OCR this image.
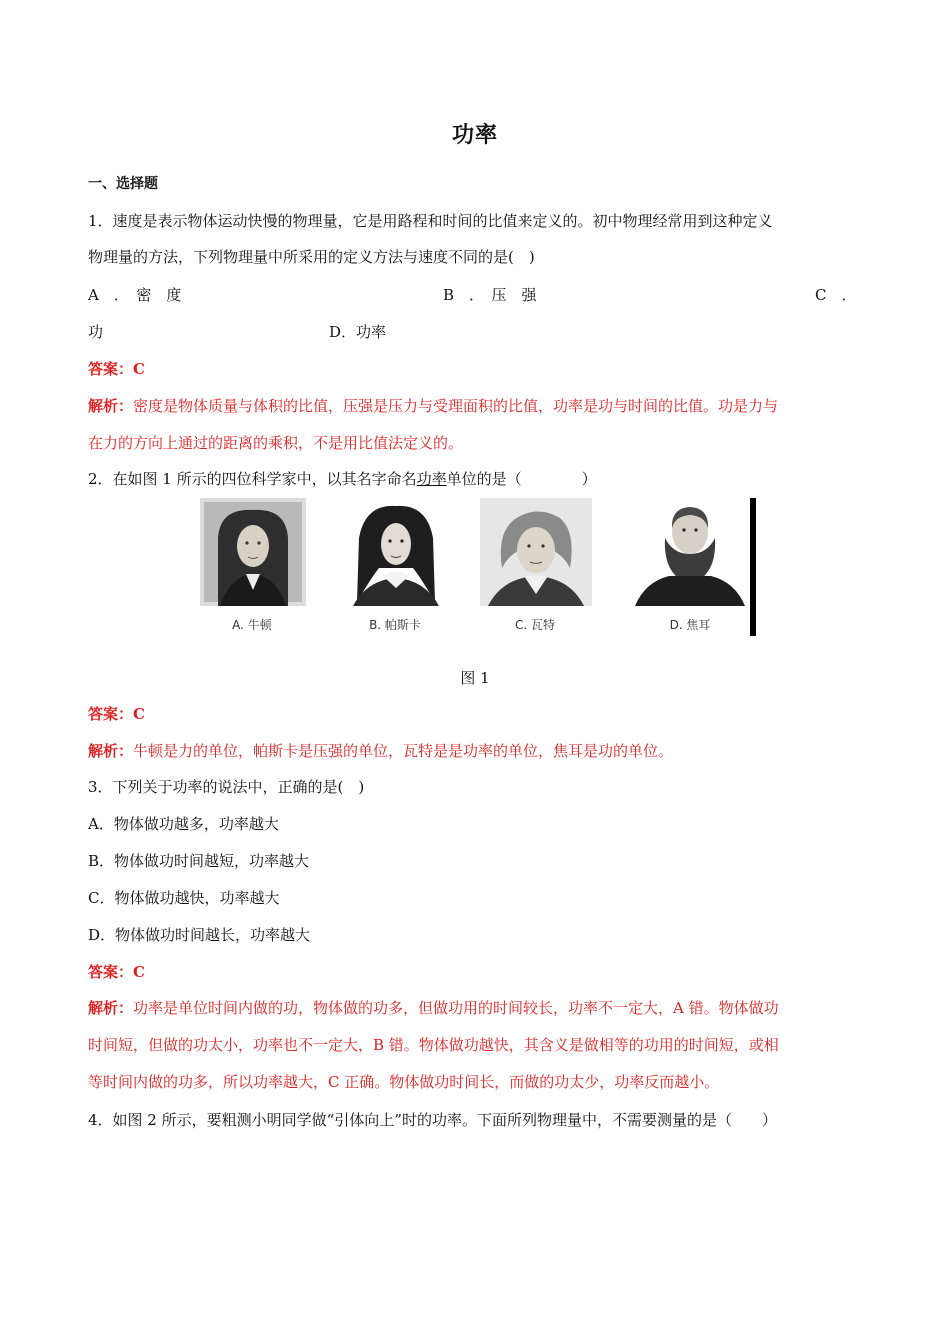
功率
一、选择题
1．速度是表示物体运动快慢的物理量，它是用路程和时间的比值来定义的。初中物理经常用到这种定义
物理量的方法，下列物理量中所采用的定义方法与速度不同的是(　)
A　．　密　度	B　．　压　强	C　．
功	D．功率
答案：C
解析：密度是物体质量与体积的比值，压强是压力与受理面积的比值，功率是功与时间的比值。功是力与
在力的方向上通过的距离的乘积，不是用比值法定义的。
2．在如图 1 所示的四位科学家中，以其名字命名功率单位的是（　　　　）
A. 牛顿	B. 帕斯卡	C. 瓦特	D. 焦耳
图 1
答案：C
解析：牛顿是力的单位，帕斯卡是压强的单位，瓦特是是功率的单位，焦耳是功的单位。
3．下列关于功率的说法中，正确的是(　)
A．物体做功越多，功率越大
B．物体做功时间越短，功率越大
C．物体做功越快，功率越大
D．物体做功时间越长，功率越大
答案：C
解析：功率是单位时间内做的功，物体做的功多，但做功用的时间较长，功率不一定大，A 错。物体做功
时间短，但做的功太小，功率也不一定大，B 错。物体做功越快，其含义是做相等的功用的时间短，或相
等时间内做的功多，所以功率越大，C 正确。物体做功时间长，而做的功太少，功率反而越小。
4．如图 2 所示，要粗测小明同学做“引体向上”时的功率。下面所列物理量中，不需要测量的是（　　）
